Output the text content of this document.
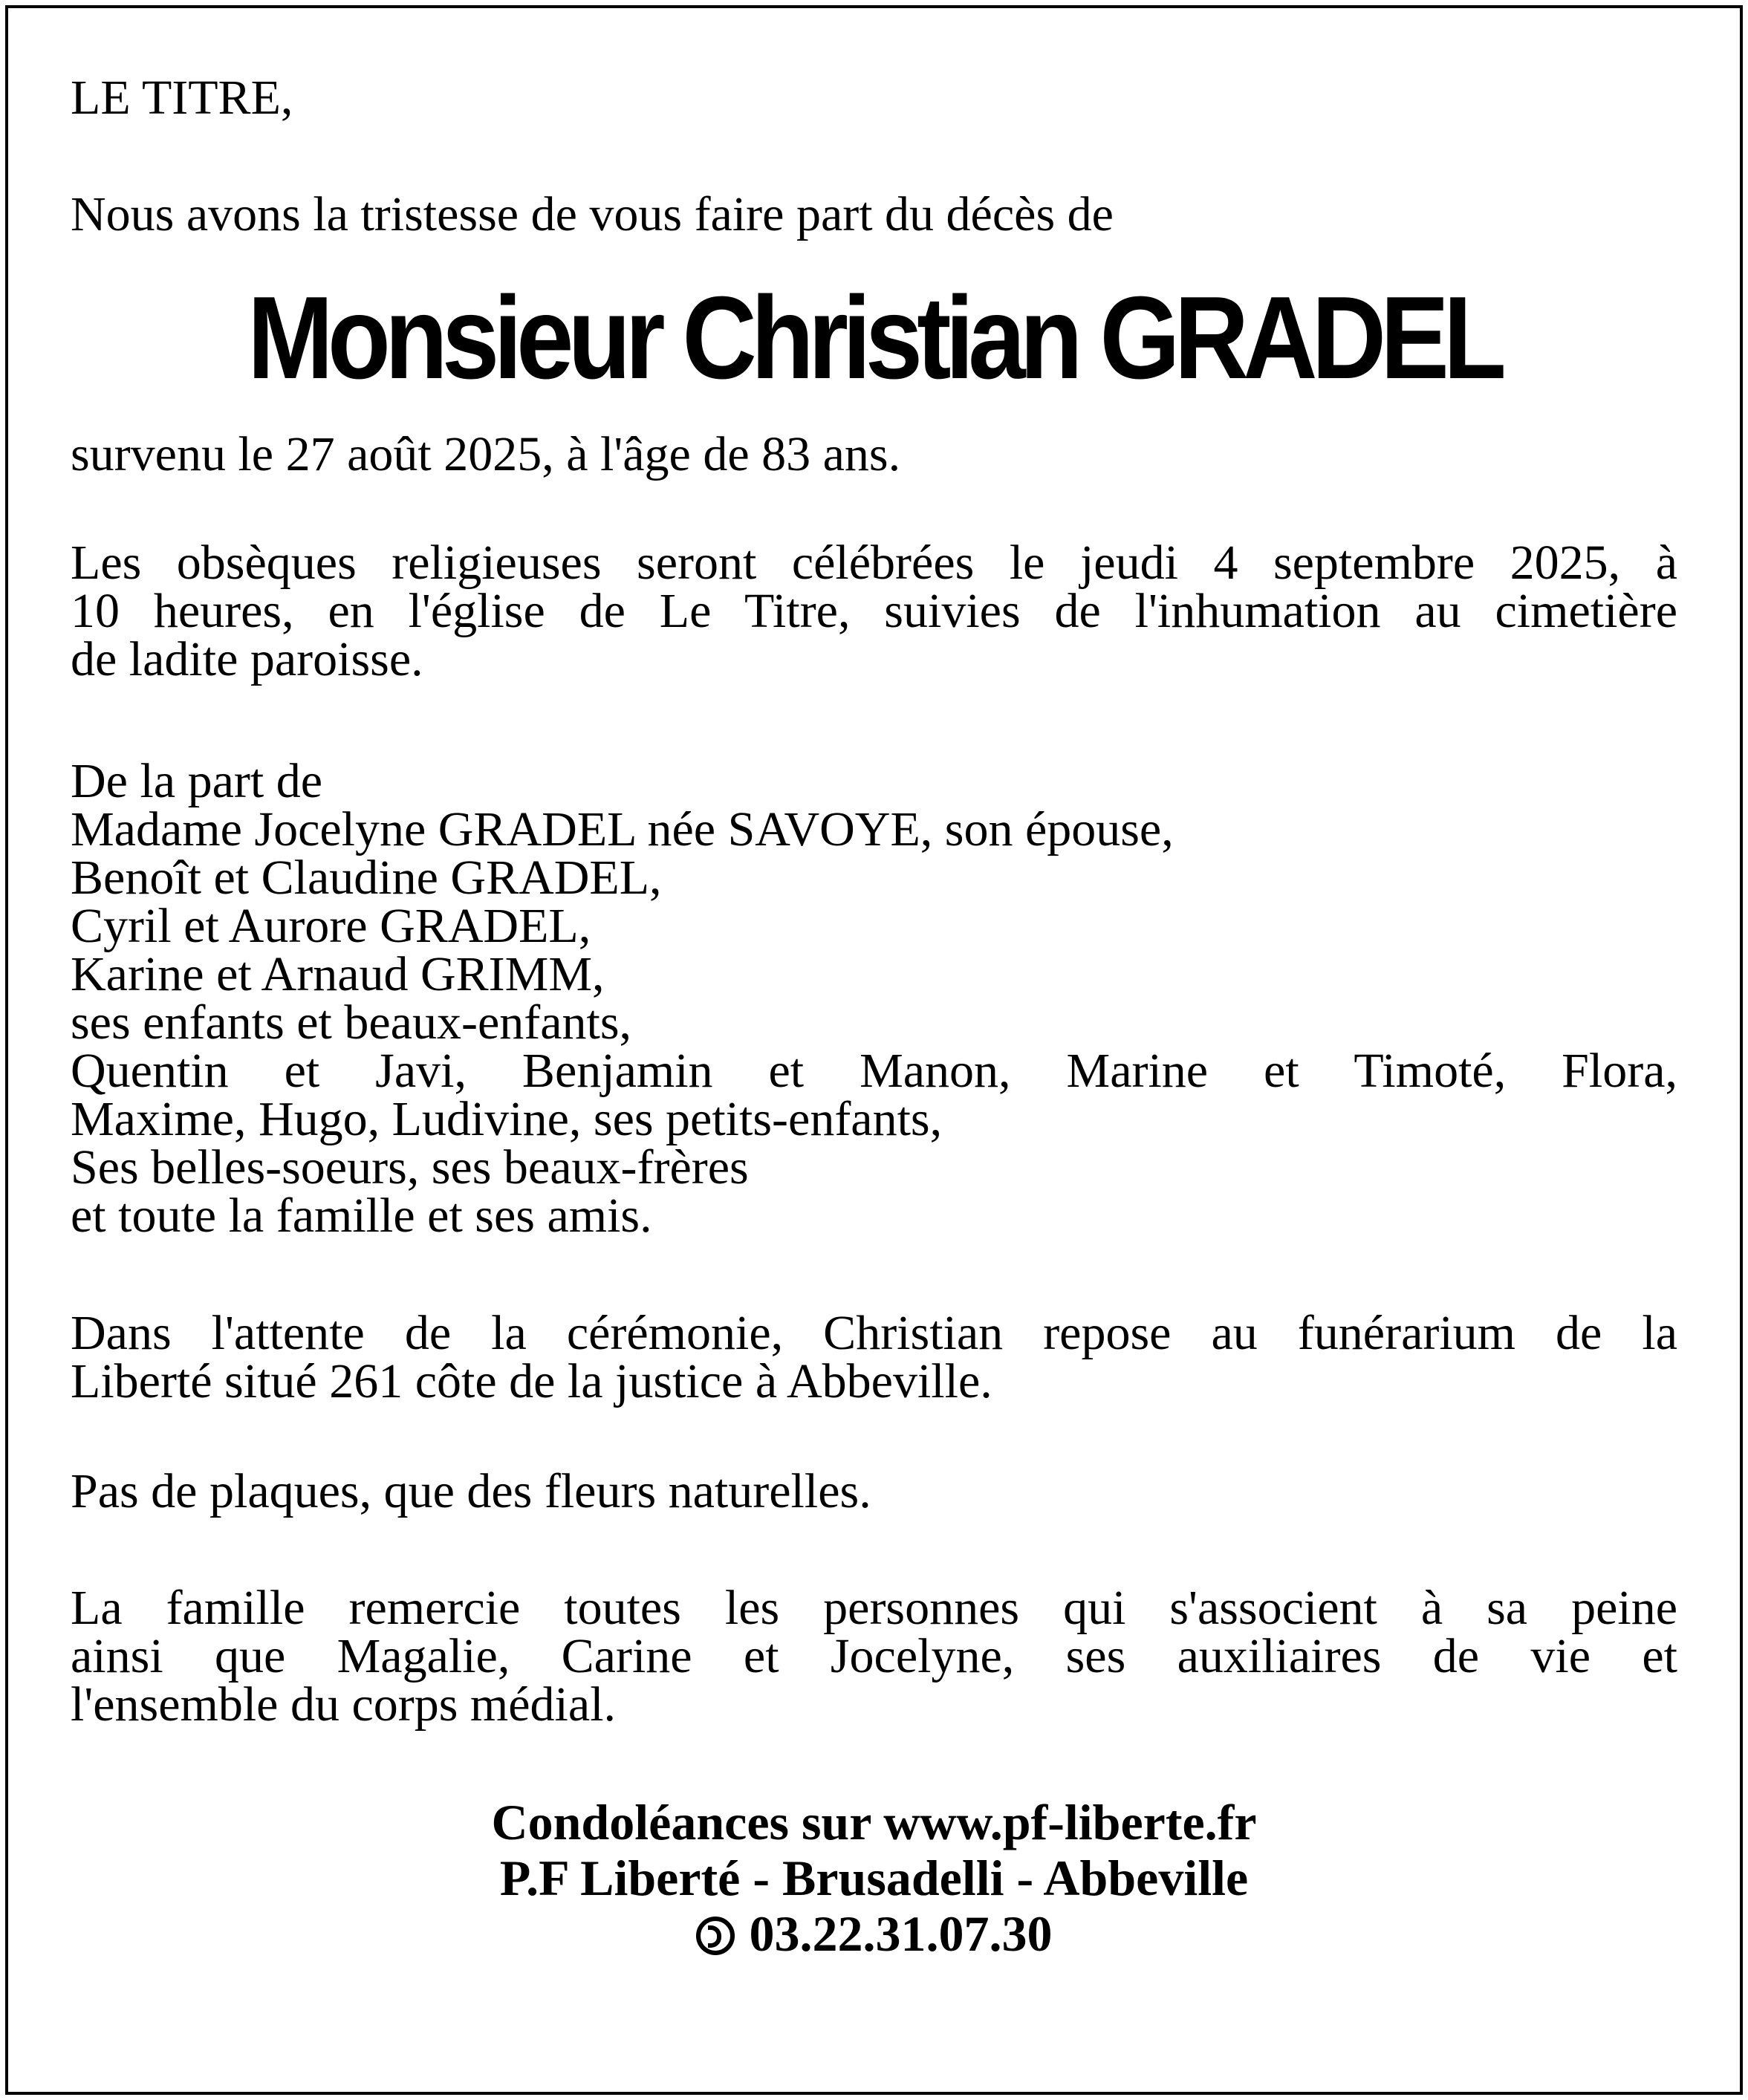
LE TITRE,
Nous avons la tristesse de vous faire part du décès de
Monsieur Christian GRADEL
survenu le 27 août 2025, à l'âge de 83 ans.
Les obsèques religieuses seront célébrées le jeudi 4 septembre 2025, à
10 heures, en l'église de Le Titre, suivies de l'inhumation au cimetière
de ladite paroisse.
De la part de
Madame Jocelyne GRADEL née SAVOYE, son épouse,
Benoît et Claudine GRADEL,
Cyril et Aurore GRADEL,
Karine et Arnaud GRIMM,
ses enfants et beaux-enfants,
Quentin et Javi, Benjamin et Manon, Marine et Timoté, Flora,
Maxime, Hugo, Ludivine, ses petits-enfants,
Ses belles-soeurs, ses beaux-frères
et toute la famille et ses amis.
Dans l'attente de la cérémonie, Christian repose au funérarium de la
Liberté situé 261 côte de la justice à Abbeville.
Pas de plaques, que des fleurs naturelles.
La famille remercie toutes les personnes qui s'associent à sa peine
ainsi que Magalie, Carine et Jocelyne, ses auxiliaires de vie et
l'ensemble du corps médial.
Condoléances sur www.pf-liberte.fr
P.F Liberté - Brusadelli - Abbeville
03.22.31.07.30
